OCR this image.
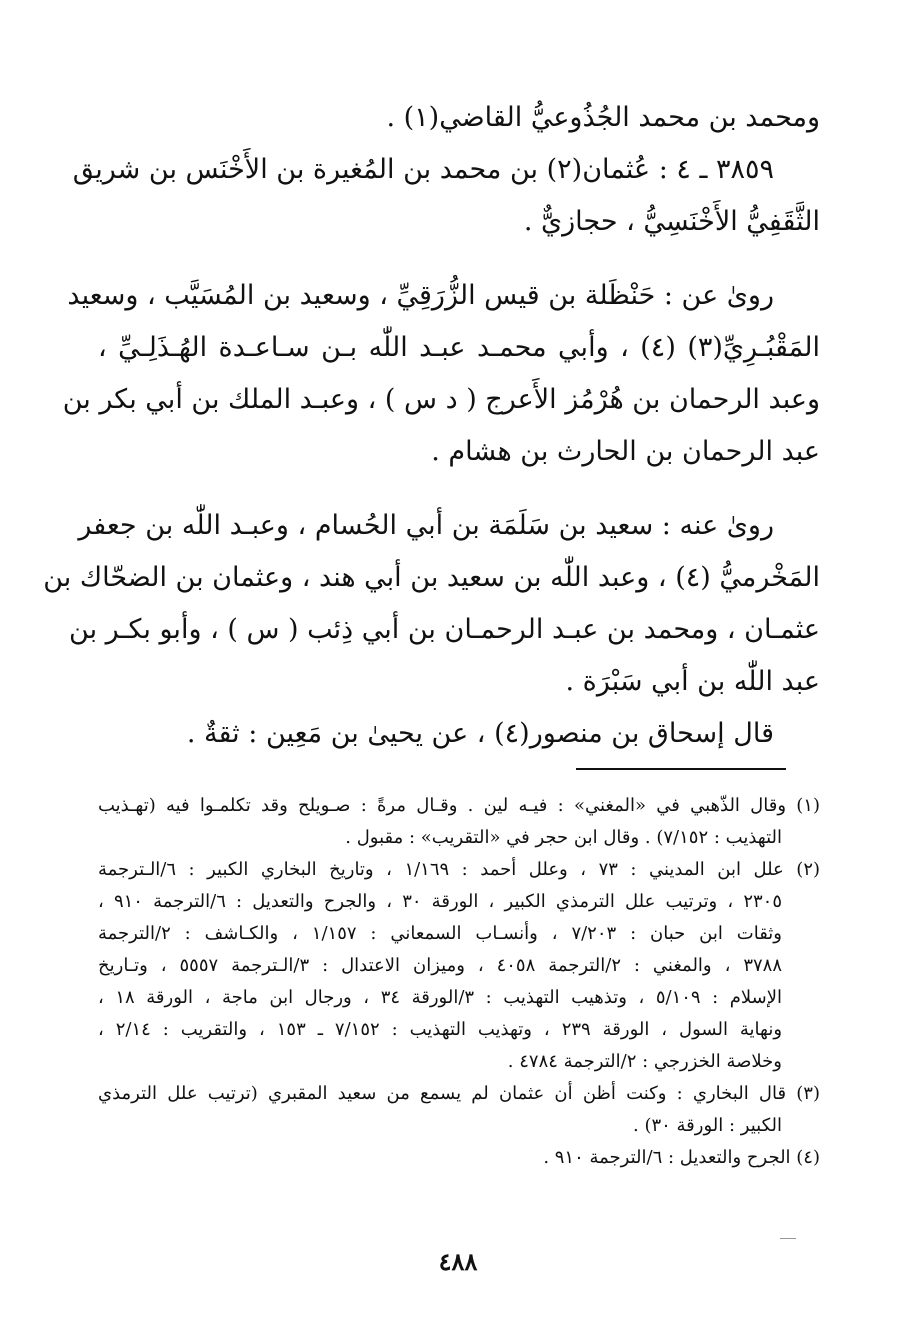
ومحمد بن محمد الجُذُوعيُّ القاضي(١) .
٣٨٥٩ ـ ٤ : عُثمان(٢) بن محمد بن المُغيرة بن الأَخْنَس بن شريق
الثَّقَفِيُّ الأَخْنَسِيُّ ، حجازيٌّ .
روىٰ عن : حَنْظَلة بن قيس الزُّرَقِيِّ ، وسعيد بن المُسَيَّب ، وسعيد
المَقْبُـرِيِّ(٣) (٤) ، وأبي محمـد عبـد اللّٰه بـن سـاعـدة الهُـذَلِـيِّ ،
وعبد الرحمان بن هُرْمُز الأَعرج ( د س ) ، وعبـد الملك بن أبي بكر بن
عبد الرحمان بن الحارث بن هشام .
روىٰ عنه : سعيد بن سَلَمَة بن أبي الحُسام ، وعبـد اللّٰه بن جعفر
المَخْرميُّ (٤) ، وعبد اللّٰه بن سعيد بن أبي هند ، وعثمان بن الضحّاك بن
عثمـان ، ومحمد بن عبـد الرحمـان بن أبي ذِئب ( س ) ، وأبو بكـر بن
عبد اللّٰه بن أبي سَبْرَة .
قال إسحاق بن منصور(٤) ، عن يحيىٰ بن مَعِين : ثقةٌ .
(١) وقال الذّهبي في «المغني» : فيـه لين . وقـال مرةً : صـويلح وقد تكلمـوا فيه (تهـذيب
التهذيب : ٧/١٥٢) . وقال ابن حجر في «التقريب» : مقبول .
(٢) علل ابن المديني : ٧٣ ، وعلل أحمد : ١/١٦٩ ، وتاريخ البخاري الكبير : ٦/الـترجمة
٢٣٠٥ ، وترتيب علل الترمذي الكبير ، الورقة ٣٠ ، والجرح والتعديل : ٦/الترجمة ٩١٠ ،
وثقات ابن حبان : ٧/٢٠٣ ، وأنسـاب السمعاني : ١/١٥٧ ، والكـاشف : ٢/الترجمة
٣٧٨٨ ، والمغني : ٢/الترجمة ٤٠٥٨ ، وميزان الاعتدال : ٣/الـترجمة ٥٥٥٧ ، وتـاريخ
الإسلام : ٥/١٠٩ ، وتذهيب التهذيب : ٣/الورقة ٣٤ ، ورجال ابن ماجة ، الورقة ١٨ ،
ونهاية السول ، الورقة ٢٣٩ ، وتهذيب التهذيب : ٧/١٥٢ ـ ١٥٣ ، والتقريب : ٢/١٤ ،
وخلاصة الخزرجي : ٢/الترجمة ٤٧٨٤ .
(٣) قال البخاري : وكنت أظن أن عثمان لم يسمع من سعيد المقبري (ترتيب علل الترمذي
الكبير : الورقة ٣٠) .
(٤) الجرح والتعديل : ٦/الترجمة ٩١٠ .
٤٨٨
